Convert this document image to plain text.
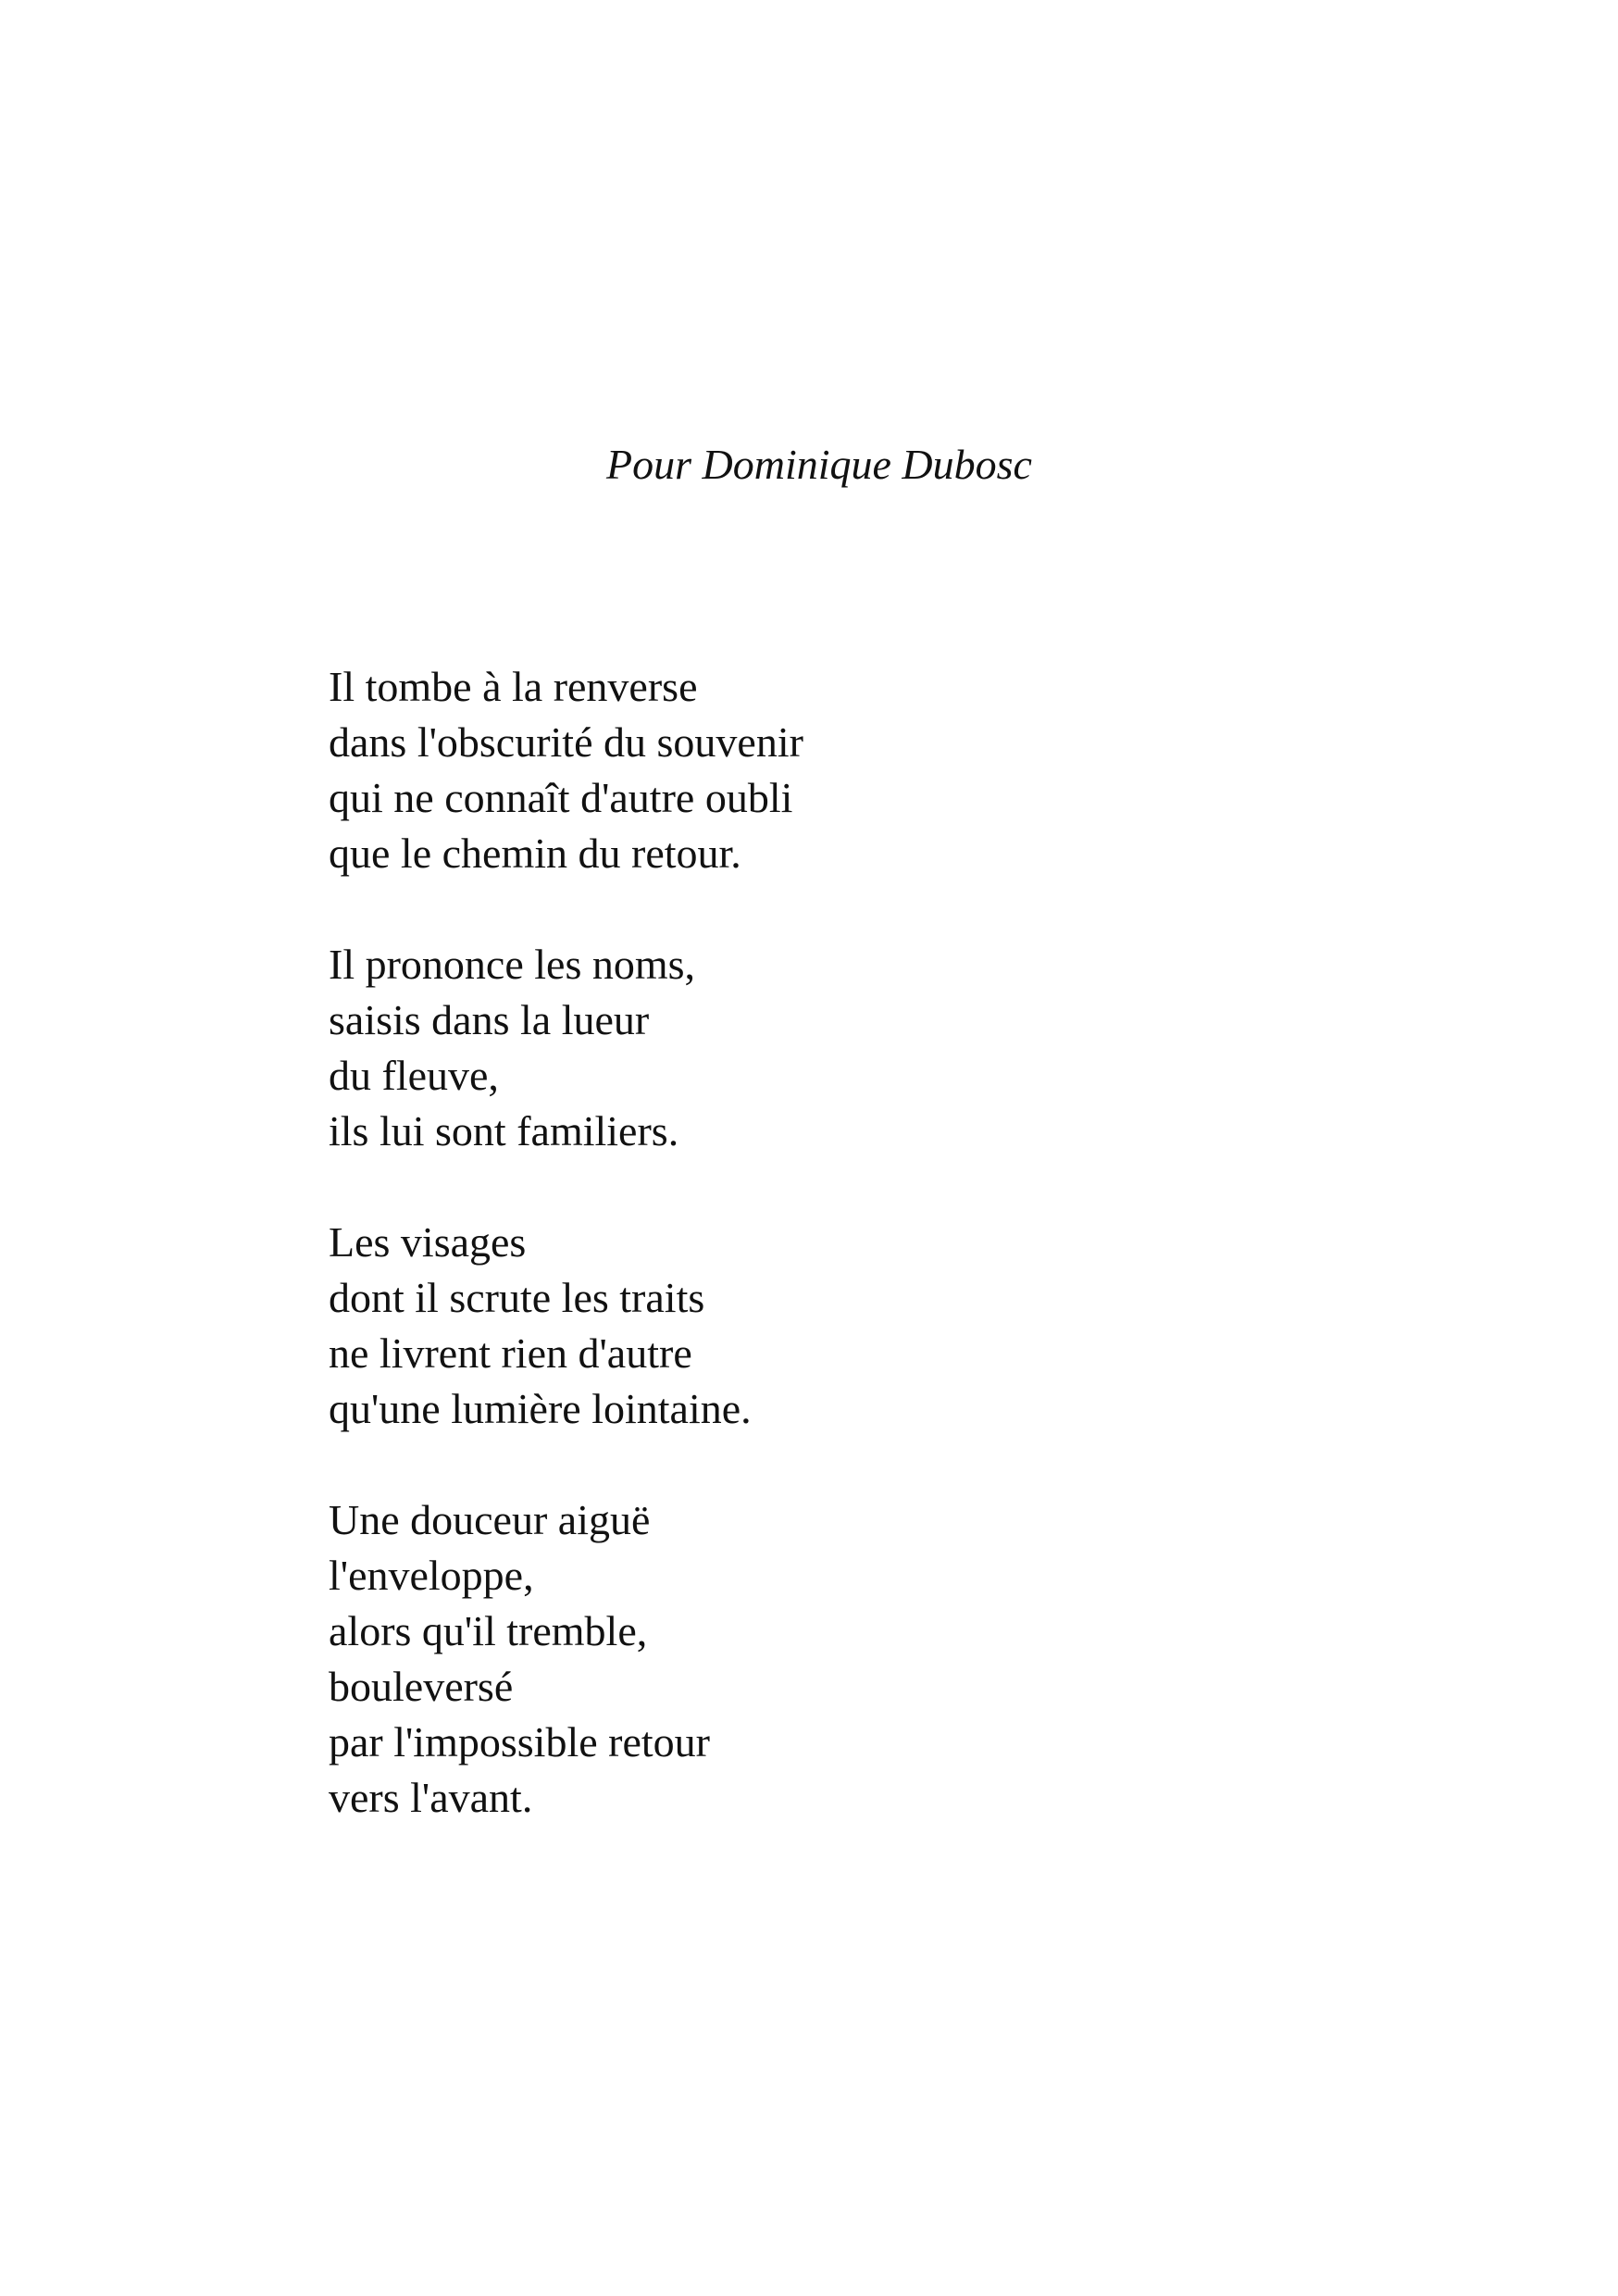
Pour Dominique Dubosc

Il tombe à la renverse
dans l'obscurité du souvenir
qui ne connaît d'autre oubli
que le chemin du retour.
Il prononce les noms,
saisis dans la lueur
du fleuve,
ils lui sont familiers.
Les visages
dont il scrute les traits
ne livrent rien d'autre
qu'une lumière lointaine.
Une douceur aiguë
l'enveloppe,
alors qu'il tremble,
bouleversé
par l'impossible retour
vers l'avant.
